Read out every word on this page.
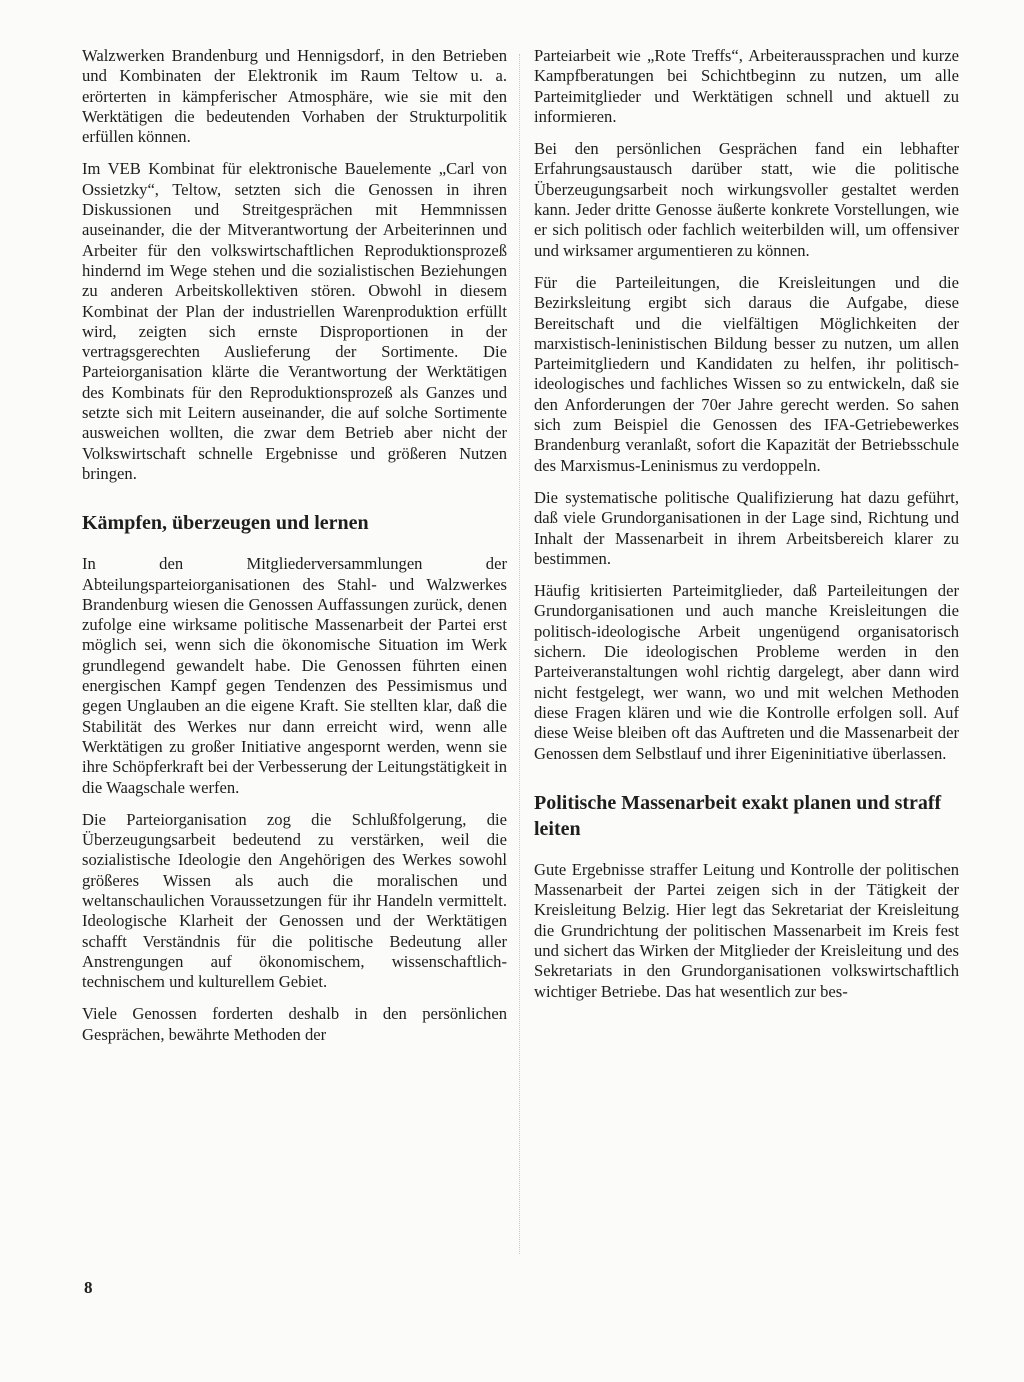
Walzwerken Brandenburg und Hennigsdorf, in den Betrieben und Kombinaten der Elektronik im Raum Teltow u. a. erörterten in kämpferischer Atmosphäre, wie sie mit den Werktätigen die bedeutenden Vorhaben der Strukturpolitik erfüllen können.

Im VEB Kombinat für elektronische Bauelemente „Carl von Ossietzky“, Teltow, setzten sich die Genossen in ihren Diskussionen und Streitgesprächen mit Hemmnissen auseinander, die der Mitverantwortung der Arbeiterinnen und Arbeiter für den volkswirtschaftlichen Reproduktionsprozeß hindernd im Wege stehen und die sozialistischen Beziehungen zu anderen Arbeitskollektiven stören. Obwohl in diesem Kombinat der Plan der industriellen Warenproduktion erfüllt wird, zeigten sich ernste Disproportionen in der vertragsgerechten Auslieferung der Sortimente. Die Parteiorganisation klärte die Verantwortung der Werktätigen des Kombinats für den Reproduktionsprozeß als Ganzes und setzte sich mit Leitern auseinander, die auf solche Sortimente ausweichen wollten, die zwar dem Betrieb aber nicht der Volkswirtschaft schnelle Ergebnisse und größeren Nutzen bringen.

Kämpfen, überzeugen und lernen

In den Mitgliederversammlungen der Abteilungsparteiorganisationen des Stahl- und Walzwerkes Brandenburg wiesen die Genossen Auffassungen zurück, denen zufolge eine wirksame politische Massenarbeit der Partei erst möglich sei, wenn sich die ökonomische Situation im Werk grundlegend gewandelt habe. Die Genossen führten einen energischen Kampf gegen Tendenzen des Pessimismus und gegen Unglauben an die eigene Kraft. Sie stellten klar, daß die Stabilität des Werkes nur dann erreicht wird, wenn alle Werktätigen zu großer Initiative angespornt werden, wenn sie ihre Schöpferkraft bei der Verbesserung der Leitungstätigkeit in die Waagschale werfen.

Die Parteiorganisation zog die Schlußfolgerung, die Überzeugungsarbeit bedeutend zu verstärken, weil die sozialistische Ideologie den Angehörigen des Werkes sowohl größeres Wissen als auch die moralischen und weltanschaulichen Voraussetzungen für ihr Handeln vermittelt. Ideologische Klarheit der Genossen und der Werktätigen schafft Verständnis für die politische Bedeutung aller Anstrengungen auf ökonomischem, wissenschaftlich-technischem und kulturellem Gebiet.

Viele Genossen forderten deshalb in den persönlichen Gesprächen, bewährte Methoden der

Parteiarbeit wie „Rote Treffs“, Arbeiteraussprachen und kurze Kampfberatungen bei Schichtbeginn zu nutzen, um alle Parteimitglieder und Werktätigen schnell und aktuell zu informieren.

Bei den persönlichen Gesprächen fand ein lebhafter Erfahrungsaustausch darüber statt, wie die politische Überzeugungsarbeit noch wirkungsvoller gestaltet werden kann. Jeder dritte Genosse äußerte konkrete Vorstellungen, wie er sich politisch oder fachlich weiterbilden will, um offensiver und wirksamer argumentieren zu können.

Für die Parteileitungen, die Kreisleitungen und die Bezirksleitung ergibt sich daraus die Aufgabe, diese Bereitschaft und die vielfältigen Möglichkeiten der marxistisch-leninistischen Bildung besser zu nutzen, um allen Parteimitgliedern und Kandidaten zu helfen, ihr politisch-ideologisches und fachliches Wissen so zu entwickeln, daß sie den Anforderungen der 70er Jahre gerecht werden. So sahen sich zum Beispiel die Genossen des IFA-Getriebewerkes Brandenburg veranlaßt, sofort die Kapazität der Betriebsschule des Marxismus-Leninismus zu verdoppeln.

Die systematische politische Qualifizierung hat dazu geführt, daß viele Grundorganisationen in der Lage sind, Richtung und Inhalt der Massenarbeit in ihrem Arbeitsbereich klarer zu bestimmen.

Häufig kritisierten Parteimitglieder, daß Parteileitungen der Grundorganisationen und auch manche Kreisleitungen die politisch-ideologische Arbeit ungenügend organisatorisch sichern. Die ideologischen Probleme werden in den Parteiveranstaltungen wohl richtig dargelegt, aber dann wird nicht festgelegt, wer wann, wo und mit welchen Methoden diese Fragen klären und wie die Kontrolle erfolgen soll. Auf diese Weise bleiben oft das Auftreten und die Massenarbeit der Genossen dem Selbstlauf und ihrer Eigeninitiative überlassen.

Politische Massenarbeit exakt planen und straff leiten

Gute Ergebnisse straffer Leitung und Kontrolle der politischen Massenarbeit der Partei zeigen sich in der Tätigkeit der Kreisleitung Belzig. Hier legt das Sekretariat der Kreisleitung die Grundrichtung der politischen Massenarbeit im Kreis fest und sichert das Wirken der Mitglieder der Kreisleitung und des Sekretariats in den Grundorganisationen volkswirtschaftlich wichtiger Betriebe. Das hat wesentlich zur bes-

8
